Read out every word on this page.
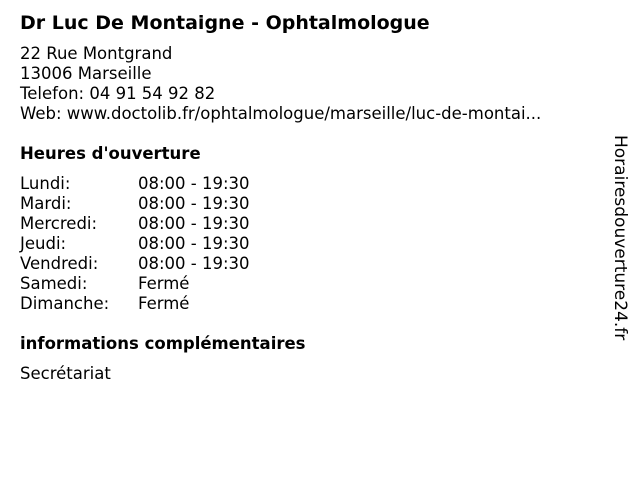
Dr Luc De Montaigne - Ophtalmologue
22 Rue Montgrand
13006 Marseille
Telefon: 04 91 54 92 82
Web: www.doctolib.fr/ophtalmologue/marseille/luc-de-montai...
Heures d'ouverture
Lundi:	08:00 - 19:30
Mardi:	08:00 - 19:30
Mercredi: 08:00 - 19:30
Jeudi:	08:00 - 19:30
Vendredi: 08:00 - 19:30
Samedi:	Fermé
Dimanche: Fermé
informations complémentaires
Secrétariat
Horairesdouverture24.fr
